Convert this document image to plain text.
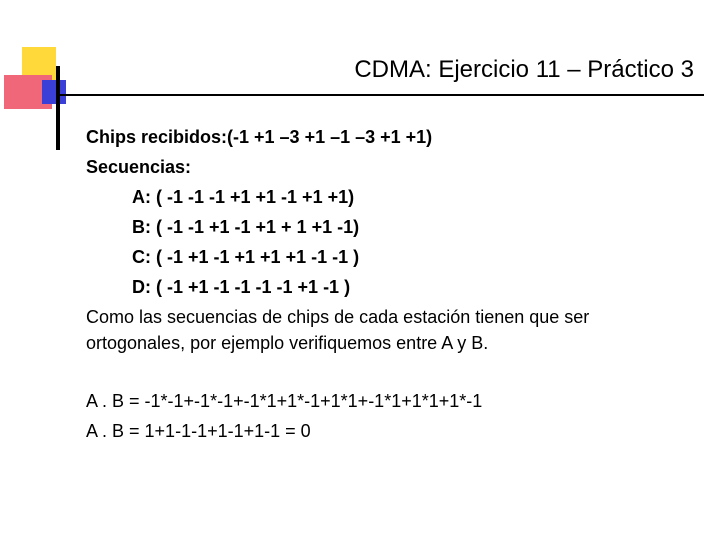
CDMA: Ejercicio 11 – Práctico 3
Chips recibidos:(-1 +1 –3 +1 –1 –3 +1 +1)
Secuencias:
A: ( -1 -1 -1 +1 +1 -1 +1 +1)
B: ( -1 -1 +1 -1 +1 + 1 +1 -1)
C: ( -1 +1 -1 +1 +1 +1 -1 -1 )
D: ( -1 +1 -1 -1 -1 -1 +1 -1 )
Como las secuencias de chips de cada estación tienen que ser
ortogonales, por ejemplo verifiquemos entre A y B.
A . B = -1*-1+-1*-1+-1*1+1*-1+1*1+-1*1+1*1+1*-1
A . B = 1+1-1-1+1-1+1-1 = 0
